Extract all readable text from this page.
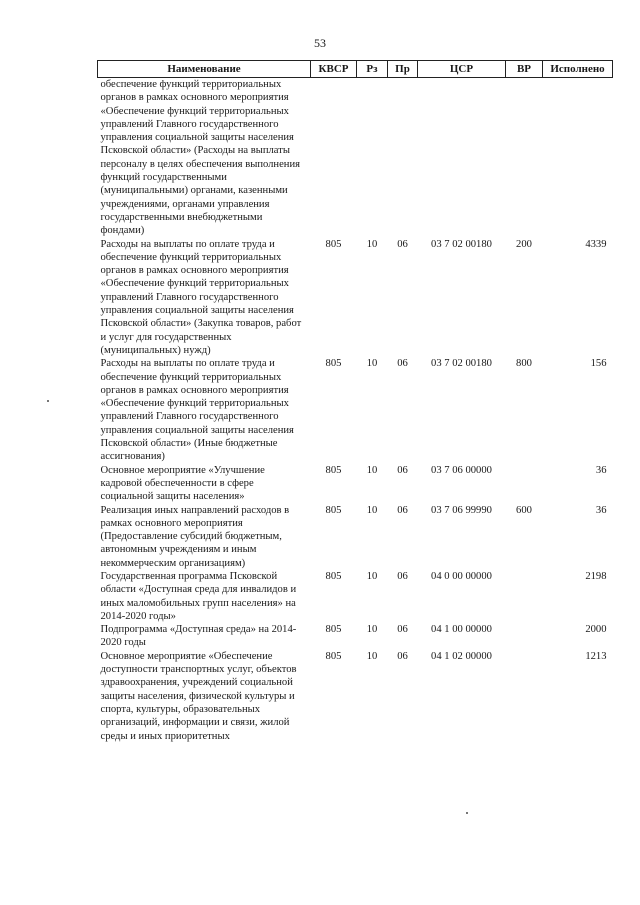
53
Наименование	КВСР	Рз	Пр	ЦСР	ВР	Исполнено
обеспечение функций территориальных органов в рамках основного мероприятия «Обеспечение функций территориальных управлений Главного государственного управления социальной защиты населения Псковской области» (Расходы на выплаты персоналу в целях обеспечения выполнения функций государственными (муниципальными) органами, казенными учреждениями, органами управления государственными внебюджетными фондами)						
Расходы на выплаты по оплате труда и обеспечение функций территориальных органов в рамках основного мероприятия «Обеспечение функций территориальных управлений Главного государственного управления социальной защиты населения Псковской области» (Закупка товаров, работ и услуг для государственных (муниципальных) нужд)	805	10	06	03 7 02 00180	200	4339
Расходы на выплаты по оплате труда и обеспечение функций территориальных органов в рамках основного мероприятия «Обеспечение функций территориальных управлений Главного государственного управления социальной защиты населения Псковской области» (Иные бюджетные ассигнования)	805	10	06	03 7 02 00180	800	156
Основное мероприятие «Улучшение кадровой обеспеченности в сфере социальной защиты населения»	805	10	06	03 7 06 00000		36
Реализация иных направлений расходов в рамках основного мероприятия (Предоставление субсидий бюджетным, автономным учреждениям и иным некоммерческим организациям)	805	10	06	03 7 06 99990	600	36
Государственная программа Псковской области «Доступная среда для инвалидов и иных маломобильных групп населения» на 2014-2020 годы»	805	10	06	04 0 00 00000		2198
Подпрограмма «Доступная среда» на 2014-2020 годы	805	10	06	04 1 00 00000		2000
Основное мероприятие «Обеспечение доступности транспортных услуг, объектов здравоохранения, учреждений социальной защиты населения, физической культуры и спорта, культуры, образовательных организаций, информации и связи, жилой среды и иных приоритетных	805	10	06	04 1 02 00000		1213
